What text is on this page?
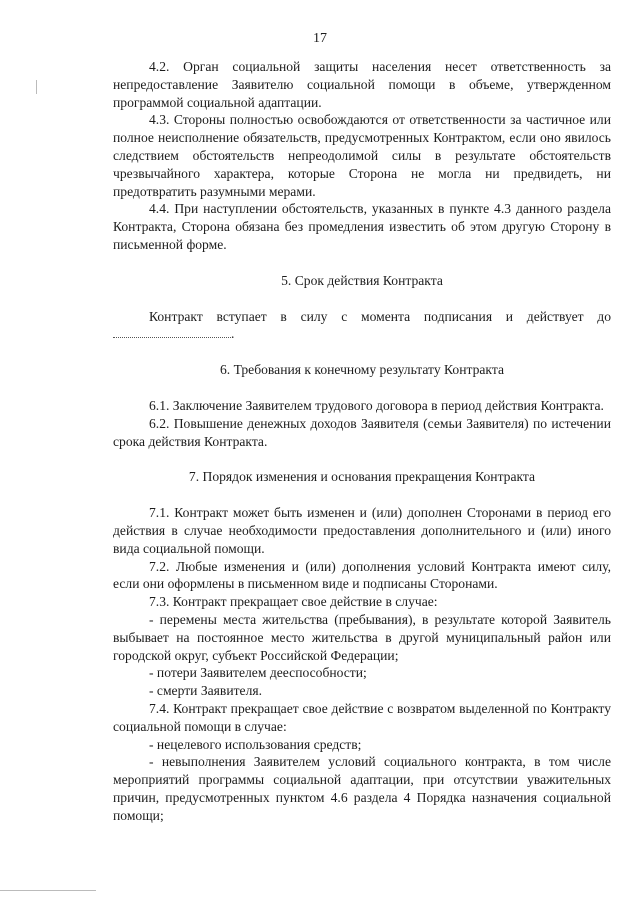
17

4.2. Орган социальной защиты населения несет ответственность за непредоставление Заявителю социальной помощи в объеме, утвержденном программой социальной адаптации.

4.3. Стороны полностью освобождаются от ответственности за частичное или полное неисполнение обязательств, предусмотренных Контрактом, если оно явилось следствием обстоятельств непреодолимой силы в результате обстоятельств чрезвычайного характера, которые Сторона не могла ни предвидеть, ни предотвратить разумными мерами.

4.4. При наступлении обстоятельств, указанных в пункте 4.3 данного раздела Контракта, Сторона обязана без промедления известить об этом другую Сторону в письменной форме.

5. Срок действия Контракта

Контракт вступает в силу с момента подписания и действует до .

6. Требования к конечному результату Контракта

6.1. Заключение Заявителем трудового договора в период действия Контракта.

6.2. Повышение денежных доходов Заявителя (семьи Заявителя) по истечении срока действия Контракта.

7. Порядок изменения и основания прекращения Контракта

7.1. Контракт может быть изменен и (или) дополнен Сторонами в период его действия в случае необходимости предоставления дополнительного и (или) иного вида социальной помощи.

7.2. Любые изменения и (или) дополнения условий Контракта имеют силу, если они оформлены в письменном виде и подписаны Сторонами.

7.3. Контракт прекращает свое действие в случае:

- перемены места жительства (пребывания), в результате которой Заявитель выбывает на постоянное место жительства в другой муниципальный район или городской округ, субъект Российской Федерации;

- потери Заявителем дееспособности;

- смерти Заявителя.

7.4. Контракт прекращает свое действие с возвратом выделенной по Контракту социальной помощи в случае:

- нецелевого использования средств;

- невыполнения Заявителем условий социального контракта, в том числе мероприятий программы социальной адаптации, при отсутствии уважительных причин, предусмотренных пунктом 4.6 раздела 4 Порядка назначения социальной помощи;
